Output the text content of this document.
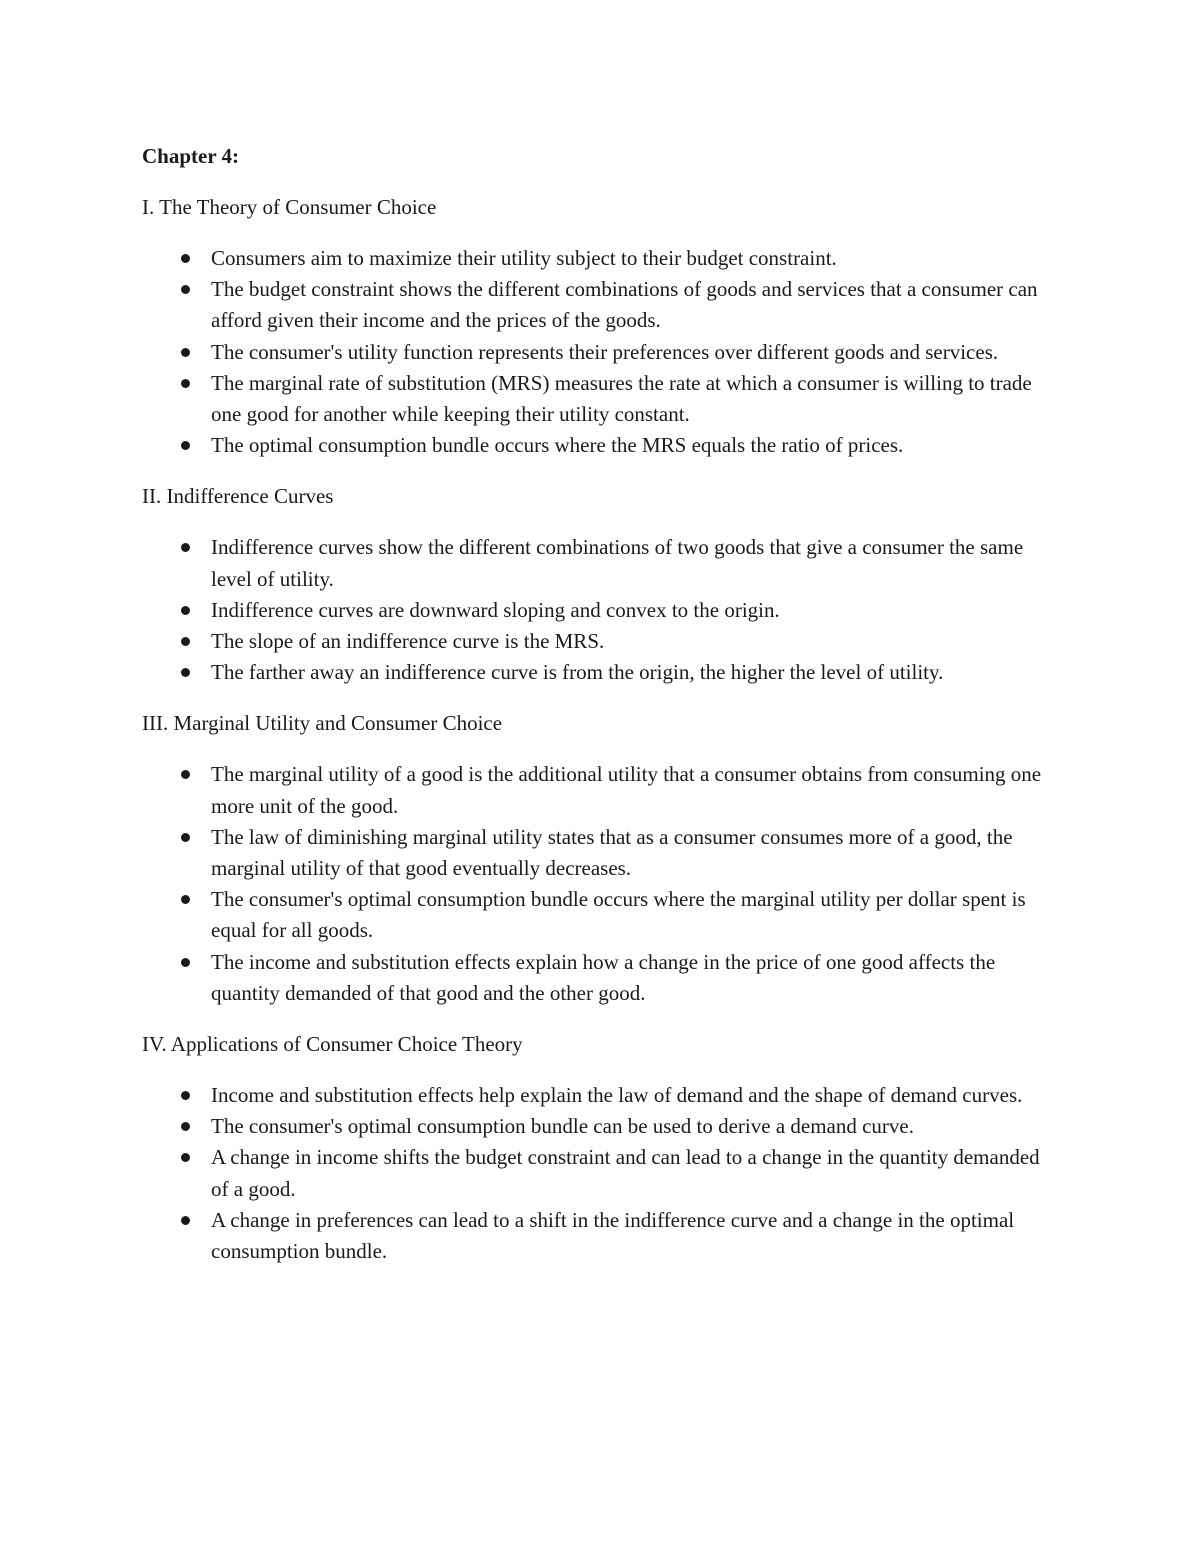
Chapter 4:

I. The Theory of Consumer Choice

Consumers aim to maximize their utility subject to their budget constraint.
The budget constraint shows the different combinations of goods and services that a consumer can afford given their income and the prices of the goods.
The consumer's utility function represents their preferences over different goods and services.
The marginal rate of substitution (MRS) measures the rate at which a consumer is willing to trade one good for another while keeping their utility constant.
The optimal consumption bundle occurs where the MRS equals the ratio of prices.

II. Indifference Curves

Indifference curves show the different combinations of two goods that give a consumer the same level of utility.
Indifference curves are downward sloping and convex to the origin.
The slope of an indifference curve is the MRS.
The farther away an indifference curve is from the origin, the higher the level of utility.

III. Marginal Utility and Consumer Choice

The marginal utility of a good is the additional utility that a consumer obtains from consuming one more unit of the good.
The law of diminishing marginal utility states that as a consumer consumes more of a good, the marginal utility of that good eventually decreases.
The consumer's optimal consumption bundle occurs where the marginal utility per dollar spent is equal for all goods.
The income and substitution effects explain how a change in the price of one good affects the quantity demanded of that good and the other good.

IV. Applications of Consumer Choice Theory

Income and substitution effects help explain the law of demand and the shape of demand curves.
The consumer's optimal consumption bundle can be used to derive a demand curve.
A change in income shifts the budget constraint and can lead to a change in the quantity demanded of a good.
A change in preferences can lead to a shift in the indifference curve and a change in the optimal consumption bundle.
